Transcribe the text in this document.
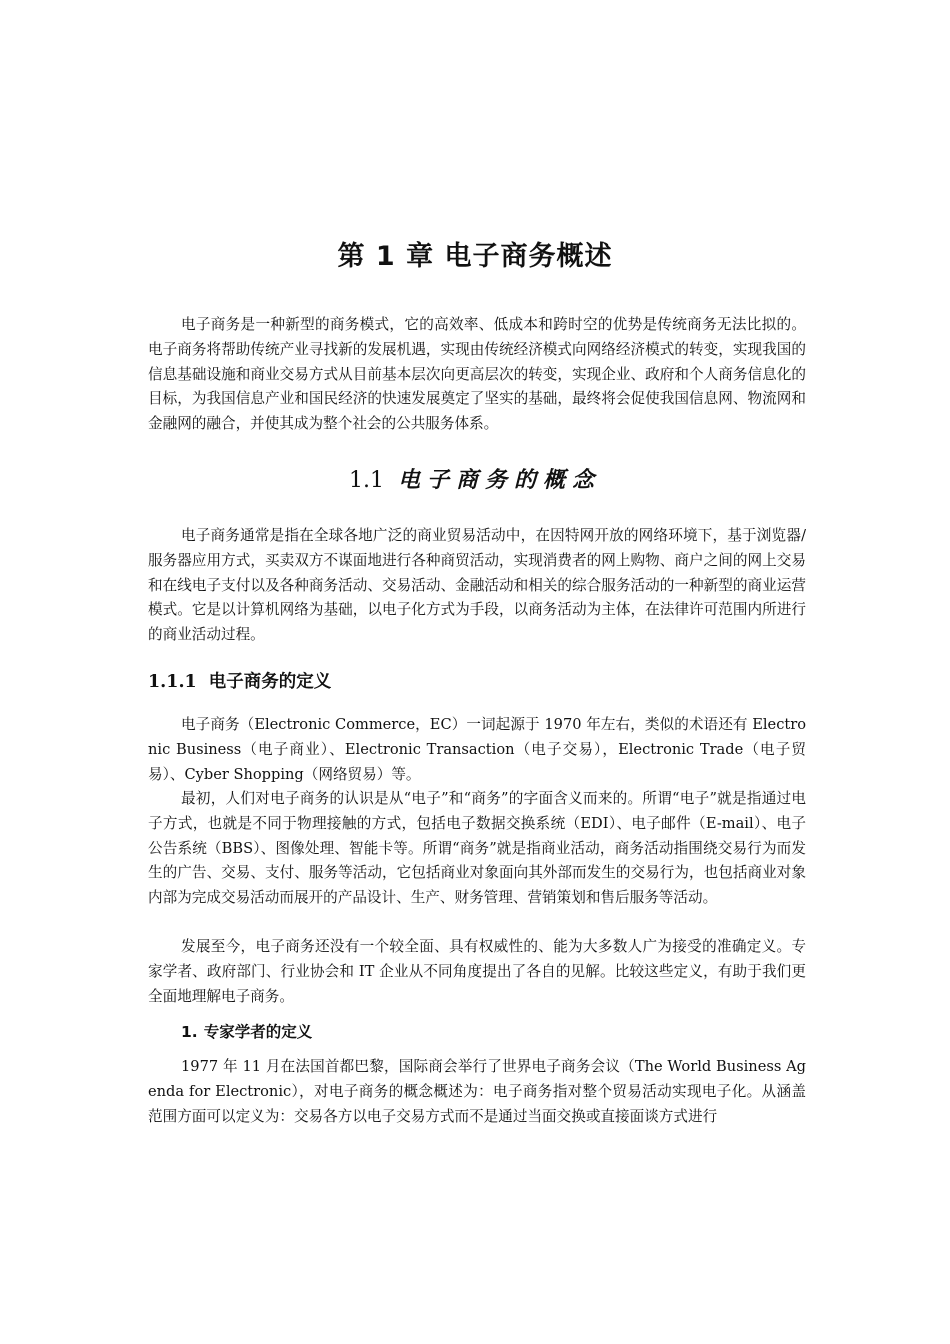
第 1 章 电子商务概述

电子商务是一种新型的商务模式，它的高效率、低成本和跨时空的优势是传统商务无法比拟的。电子商务将帮助传统产业寻找新的发展机遇，实现由传统经济模式向网络经济模式的转变，实现我国的信息基础设施和商业交易方式从目前基本层次向更高层次的转变，实现企业、政府和个人商务信息化的目标，为我国信息产业和国民经济的快速发展奠定了坚实的基础，最终将会促使我国信息网、物流网和金融网的融合，并使其成为整个社会的公共服务体系。

1.1 电子商务的概念

电子商务通常是指在全球各地广泛的商业贸易活动中，在因特网开放的网络环境下，基于浏览器/服务器应用方式，买卖双方不谋面地进行各种商贸活动，实现消费者的网上购物、商户之间的网上交易和在线电子支付以及各种商务活动、交易活动、金融活动和相关的综合服务活动的一种新型的商业运营模式。它是以计算机网络为基础，以电子化方式为手段，以商务活动为主体，在法律许可范围内所进行的商业活动过程。

1.1.1 电子商务的定义

电子商务（Electronic Commerce，EC）一词起源于 1970 年左右，类似的术语还有 Electronic Business（电子商业）、Electronic Transaction（电子交易），Electronic Trade（电子贸易）、Cyber Shopping（网络贸易）等。

最初，人们对电子商务的认识是从“电子”和“商务”的字面含义而来的。所谓“电子”就是指通过电子方式，也就是不同于物理接触的方式，包括电子数据交换系统（EDI）、电子邮件（E-mail）、电子公告系统（BBS）、图像处理、智能卡等。所谓“商务”就是指商业活动，商务活动指围绕交易行为而发生的广告、交易、支付、服务等活动，它包括商业对象面向其外部而发生的交易行为，也包括商业对象内部为完成交易活动而展开的产品设计、生产、财务管理、营销策划和售后服务等活动。

发展至今，电子商务还没有一个较全面、具有权威性的、能为大多数人广为接受的准确定义。专家学者、政府部门、行业协会和 IT 企业从不同角度提出了各自的见解。比较这些定义，有助于我们更全面地理解电子商务。

1. 专家学者的定义

1977 年 11 月在法国首都巴黎，国际商会举行了世界电子商务会议（The World Business Agenda for Electronic），对电子商务的概念概述为：电子商务指对整个贸易活动实现电子化。从涵盖范围方面可以定义为：交易各方以电子交易方式而不是通过当面交换或直接面谈方式进行
